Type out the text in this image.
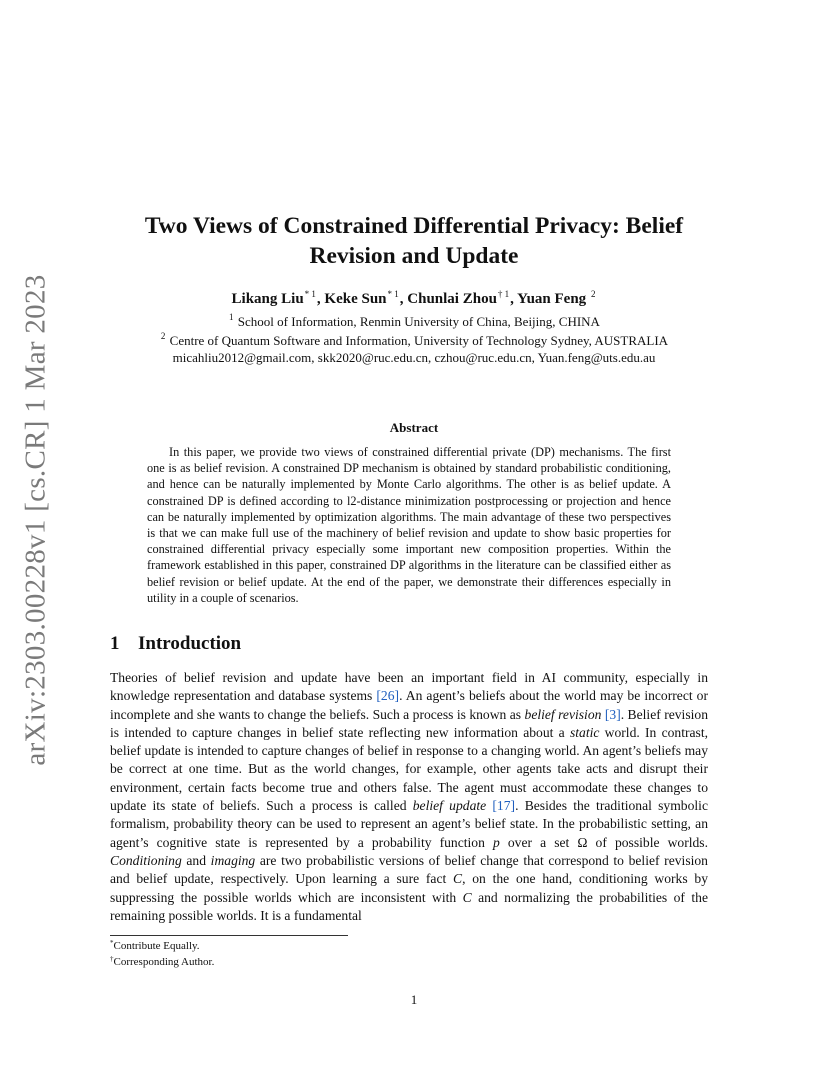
arXiv:2303.00228v1 [cs.CR] 1 Mar 2023
Two Views of Constrained Differential Privacy: Belief Revision and Update
Likang Liu$^{* 1}$, Keke Sun$^{* 1}$, Chunlai Zhou$^{\dagger 1}$, Yuan Feng $^2$
$^1$ School of Information, Renmin University of China, Beijing, CHINA
$^2$ Centre of Quantum Software and Information, University of Technology Sydney, AUSTRALIA
micahliu2012@gmail.com, skk2020@ruc.edu.cn, czhou@ruc.edu.cn, Yuan.feng@uts.edu.au
Abstract

In this paper, we provide two views of constrained differential private (DP) mechanisms. The first one is as belief revision. A constrained DP mechanism is obtained by standard probabilistic conditioning, and hence can be naturally implemented by Monte Carlo algorithms. The other is as belief update. A constrained DP is defined according to l2-distance minimization postprocessing or projection and hence can be naturally implemented by optimization algorithms. The main advantage of these two perspectives is that we can make full use of the machinery of belief revision and update to show basic properties for constrained differential privacy especially some important new composition properties. Within the framework established in this paper, constrained DP algorithms in the literature can be classified either as belief revision or belief update. At the end of the paper, we demonstrate their differences especially in utility in a couple of scenarios.

1 Introduction

Theories of belief revision and update have been an important field in AI community, especially in knowledge representation and database systems [26]. An agent’s beliefs about the world may be incorrect or incomplete and she wants to change the beliefs. Such a process is known as belief revision [3]. Belief revision is intended to capture changes in belief state reflecting new information about a static world. In contrast, belief update is intended to capture changes of belief in response to a changing world. An agent’s beliefs may be correct at one time. But as the world changes, for example, other agents take acts and disrupt their environment, certain facts become true and others false. The agent must accommodate these changes to update its state of beliefs. Such a process is called belief update [17]. Besides the traditional symbolic formalism, probability theory can be used to represent an agent’s belief state. In the probabilistic setting, an agent’s cognitive state is represented by a probability function p over a set Ω of possible worlds. Conditioning and imaging are two probabilistic versions of belief change that correspond to belief revision and belief update, respectively. Upon learning a sure fact C, on the one hand, conditioning works by suppressing the possible worlds which are inconsistent with C and normalizing the probabilities of the remaining possible worlds. It is a fundamental

*Contribute Equally.
†Corresponding Author.
1
